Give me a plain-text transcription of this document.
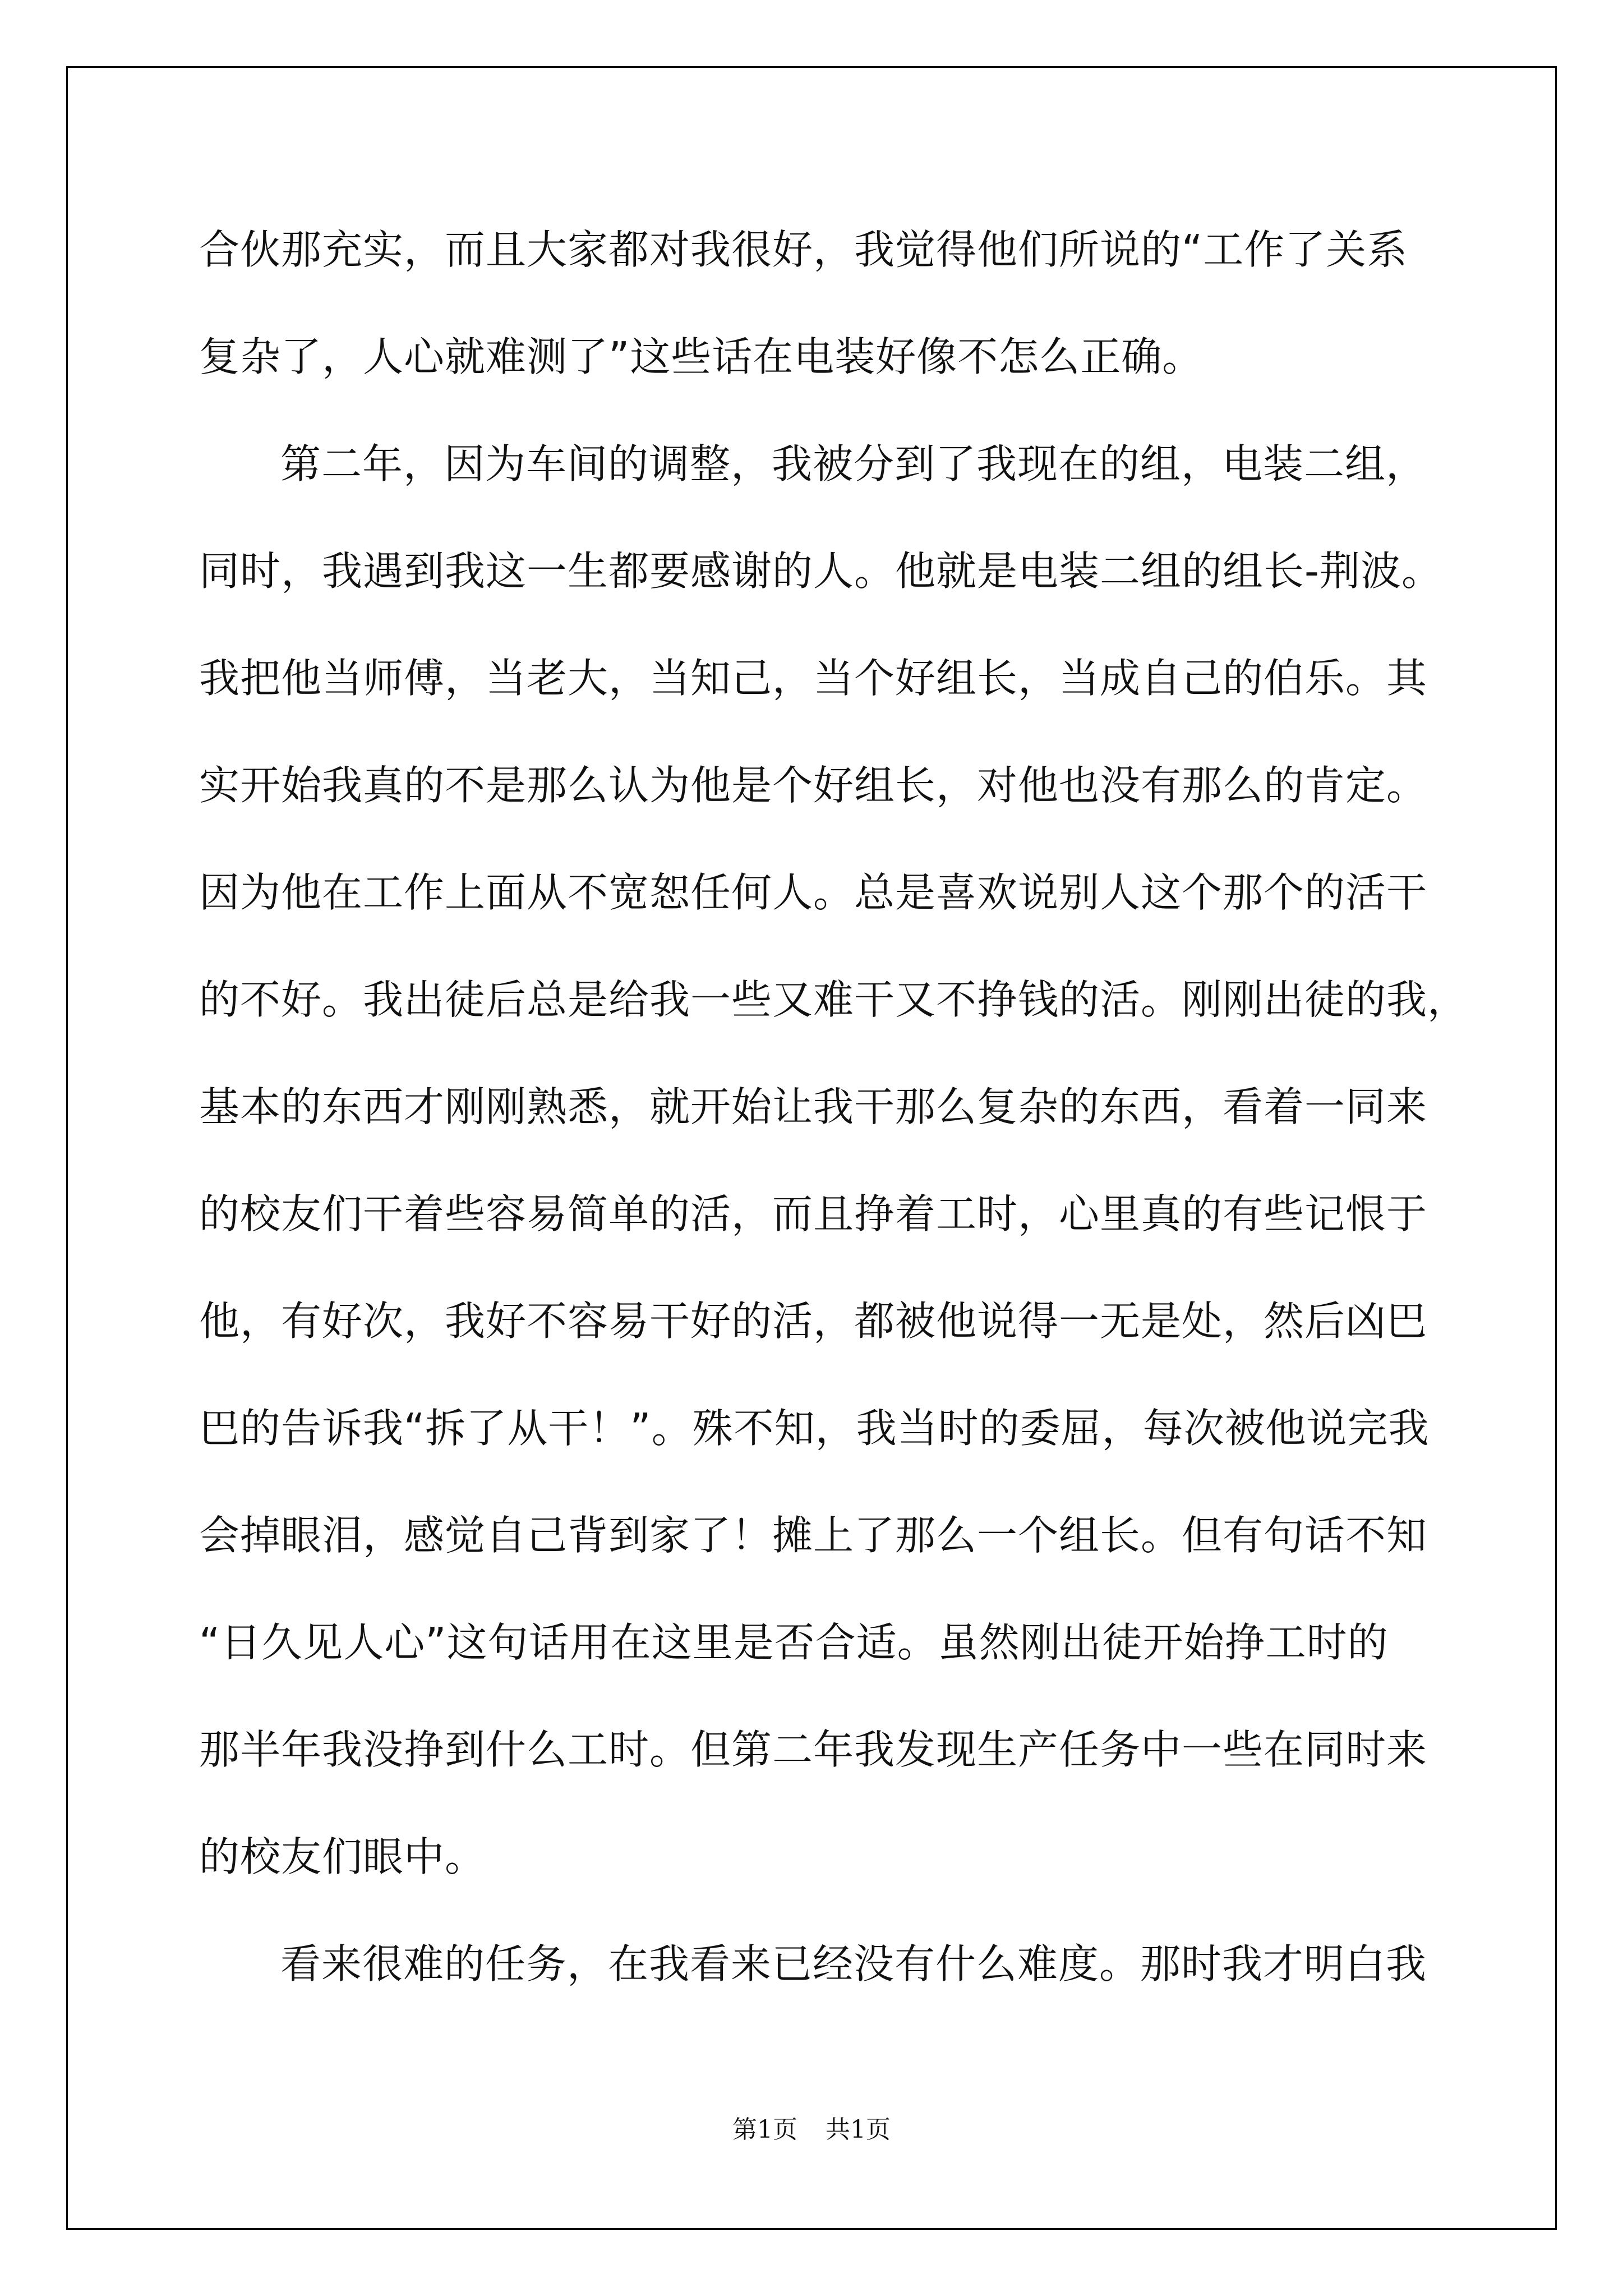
合伙那充实，而且大家都对我很好，我觉得他们所说的“工作了关系
复杂了，人心就难测了”这些话在电装好像不怎么正确。
第二年，因为车间的调整，我被分到了我现在的组，电装二组，
同时，我遇到我这一生都要感谢的人。他就是电装二组的组长-荆波。
我把他当师傅，当老大，当知己，当个好组长，当成自己的伯乐。其
实开始我真的不是那么认为他是个好组长，对他也没有那么的肯定。
因为他在工作上面从不宽恕任何人。总是喜欢说别人这个那个的活干
的不好。我出徒后总是给我一些又难干又不挣钱的活。刚刚出徒的我，
基本的东西才刚刚熟悉，就开始让我干那么复杂的东西，看着一同来
的校友们干着些容易简单的活，而且挣着工时，心里真的有些记恨于
他，有好次，我好不容易干好的活，都被他说得一无是处，然后凶巴
巴的告诉我“拆了从干！”。殊不知，我当时的委屈，每次被他说完我
会掉眼泪，感觉自己背到家了！摊上了那么一个组长。但有句话不知
“日久见人心”这句话用在这里是否合适。虽然刚出徒开始挣工时的
那半年我没挣到什么工时。但第二年我发现生产任务中一些在同时来
的校友们眼中。
看来很难的任务，在我看来已经没有什么难度。那时我才明白我
第1页 共1页
